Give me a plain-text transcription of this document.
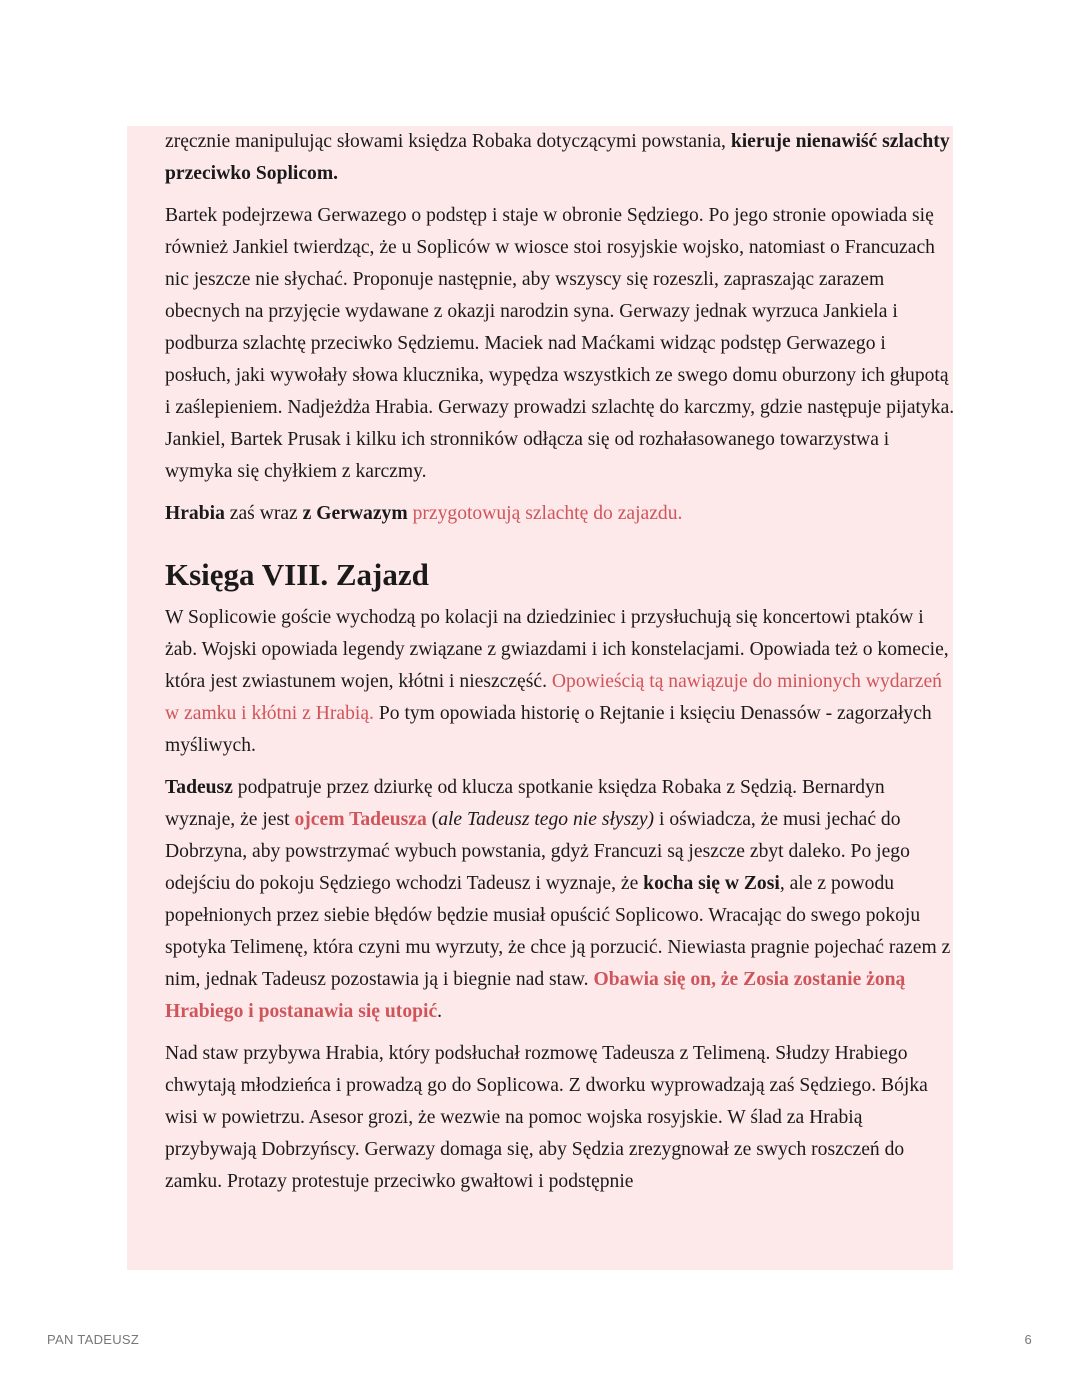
zręcznie manipulując słowami księdza Robaka dotyczącymi powstania, kieruje nienawiść szlachty przeciwko Soplicom.

Bartek podejrzewa Gerwazego o podstęp i staje w obronie Sędziego. Po jego stronie opowiada się również Jankiel twierdząc, że u Sopliców w wiosce stoi rosyjskie wojsko, natomiast o Francuzach nic jeszcze nie słychać. Proponuje następnie, aby wszyscy się rozeszli, zapraszając zarazem obecnych na przyjęcie wydawane z okazji narodzin syna. Gerwazy jednak wyrzuca Jankiela i podburza szlachtę przeciwko Sędziemu. Maciek nad Maćkami widząc podstęp Gerwazego i posłuch, jaki wywołały słowa klucznika, wypędza wszystkich ze swego domu oburzony ich głupotą i zaślepieniem. Nadjeżdża Hrabia. Gerwazy prowadzi szlachtę do karczmy, gdzie następuje pijatyka. Jankiel, Bartek Prusak i kilku ich stronników odłącza się od rozhałasowanego towarzystwa i wymyka się chyłkiem z karczmy.

Hrabia zaś wraz z Gerwazym przygotowują szlachtę do zajazdu.

Księga VIII. Zajazd

W Soplicowie goście wychodzą po kolacji na dziedziniec i przysłuchują się koncertowi ptaków i żab. Wojski opowiada legendy związane z gwiazdami i ich konstelacjami. Opowiada też o komecie, która jest zwiastunem wojen, kłótni i nieszczęść. Opowieścią tą nawiązuje do minionych wydarzeń w zamku i kłótni z Hrabią. Po tym opowiada historię o Rejtanie i księciu Denassów - zagorzałych myśliwych.

Tadeusz podpatruje przez dziurkę od klucza spotkanie księdza Robaka z Sędzią. Bernardyn wyznaje, że jest ojcem Tadeusza (ale Tadeusz tego nie słyszy) i oświadcza, że musi jechać do Dobrzyna, aby powstrzymać wybuch powstania, gdyż Francuzi są jeszcze zbyt daleko. Po jego odejściu do pokoju Sędziego wchodzi Tadeusz i wyznaje, że kocha się w Zosi, ale z powodu popełnionych przez siebie błędów będzie musiał opuścić Soplicowo. Wracając do swego pokoju spotyka Telimenę, która czyni mu wyrzuty, że chce ją porzucić. Niewiasta pragnie pojechać razem z nim, jednak Tadeusz pozostawia ją i biegnie nad staw. Obawia się on, że Zosia zostanie żoną Hrabiego i postanawia się utopić.

Nad staw przybywa Hrabia, który podsłuchał rozmowę Tadeusza z Telimeną. Słudzy Hrabiego chwytają młodzieńca i prowadzą go do Soplicowa. Z dworku wyprowadzają zaś Sędziego. Bójka wisi w powietrzu. Asesor grozi, że wezwie na pomoc wojska rosyjskie. W ślad za Hrabią przybywają Dobrzyńscy. Gerwazy domaga się, aby Sędzia zrezygnował ze swych roszczeń do zamku. Protazy protestuje przeciwko gwałtowi i podstępnie

PAN TADEUSZ	6
